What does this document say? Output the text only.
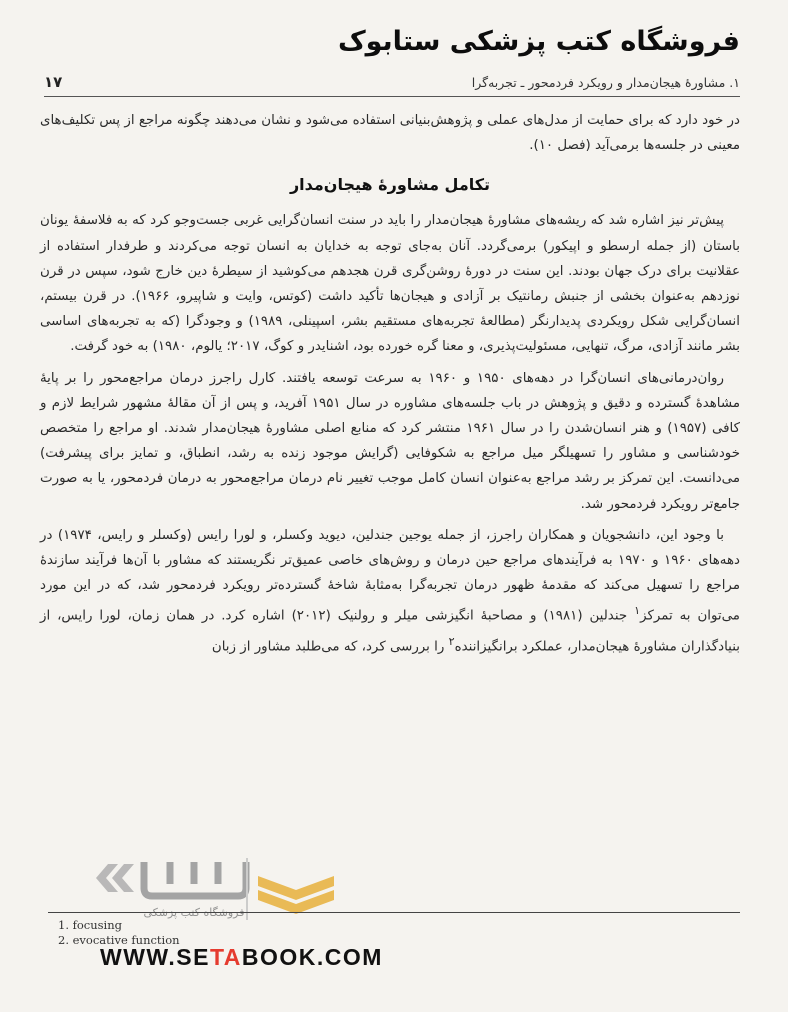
فروشگاه کتب پزشکی ستابوک
۱. مشاورهٔ هیجان‌مدار و رویکرد فردمحور ـ تجربه‌گرا
۱۷

در خود دارد که برای حمایت از مدل‌های عملی و پژوهش‌بنیانی استفاده می‌شود و نشان می‌دهند چگونه مراجع از پس تکلیف‌های معینی در جلسه‌ها برمی‌آید (فصل ۱۰).

تکامل مشاورهٔ هیجان‌مدار

پیش‌تر نیز اشاره شد که ریشه‌های مشاورهٔ هیجان‌مدار را باید در سنت انسان‌گرایی غربی جست‌وجو کرد که به فلاسفهٔ یونان باستان (از جمله ارسطو و اپیکور) برمی‌گردد. آنان به‌جای توجه به خدایان به انسان توجه می‌کردند و طرفدار استفاده از عقلانیت برای درک جهان بودند. این سنت در دورهٔ روشن‌گری قرن هجدهم می‌کوشید از سیطرهٔ دین خارج شود، سپس در قرن نوزدهم به‌عنوان بخشی از جنبش رمانتیک بر آزادی و هیجان‌ها تأکید داشت (کوتس، وایت و شاپیرو، ۱۹۶۶). در قرن بیستم، انسان‌گرایی شکل رویکردی پدیدارنگر (مطالعهٔ تجربه‌های مستقیم بشر، اسپینلی، ۱۹۸۹) و وجودگرا (که به تجربه‌های اساسی بشر مانند آزادی، مرگ، تنهایی، مسئولیت‌پذیری، و معنا گره خورده بود، اشنایدر و کوگ، ۲۰۱۷؛ یالوم، ۱۹۸۰) به خود گرفت.

روان‌درمانی‌های انسان‌گرا در دهه‌های ۱۹۵۰ و ۱۹۶۰ به سرعت توسعه یافتند. کارل راجرز درمان مراجع‌محور را بر پایهٔ مشاهدهٔ گسترده و دقیق و پژوهش در باب جلسه‌های مشاوره در سال ۱۹۵۱ آفرید، و پس از آن مقالهٔ مشهور شرایط لازم و کافی (۱۹۵۷) و هنر انسان‌شدن را در سال ۱۹۶۱ منتشر کرد که منابع اصلی مشاورهٔ هیجان‌مدار شدند. او مراجع را متخصص خودشناسی و مشاور را تسهیلگر میل مراجع به شکوفایی (گرایش موجود زنده به رشد، انطباق، و تمایز برای پیشرفت) می‌دانست. این تمرکز بر رشد مراجع به‌عنوان انسان کامل موجب تغییر نام درمان مراجع‌محور به درمان فردمحور، یا به صورت جامع‌تر رویکرد فردمحور شد.

با وجود این، دانشجویان و همکاران راجرز، از جمله یوجین جندلین، دیوید وکسلر، و لورا رایس (وکسلر و رایس، ۱۹۷۴) در دهه‌های ۱۹۶۰ و ۱۹۷۰ به فرآیندهای مراجع حین درمان و روش‌های خاصی عمیق‌تر نگریستند که مشاور با آن‌ها فرآیند سازندهٔ مراجع را تسهیل می‌کند که مقدمهٔ ظهور درمان تجربه‌گرا به‌مثابهٔ شاخهٔ گسترده‌تر رویکرد فردمحور شد، که در این مورد می‌توان به تمرکز$^۱$ جندلین (۱۹۸۱) و مصاحبهٔ انگیزشی میلر و رولنیک (۲۰۱۲) اشاره کرد. در همان زمان، لورا رایس، از بنیادگذاران مشاورهٔ هیجان‌مدار، عملکرد برانگیزاننده$^۲$ را بررسی کرد، که می‌طلبد مشاور از زبان

فروشگاه کتب پزشکی
1. focusing
2. evocative function
WWW.SETABOOK.COM
